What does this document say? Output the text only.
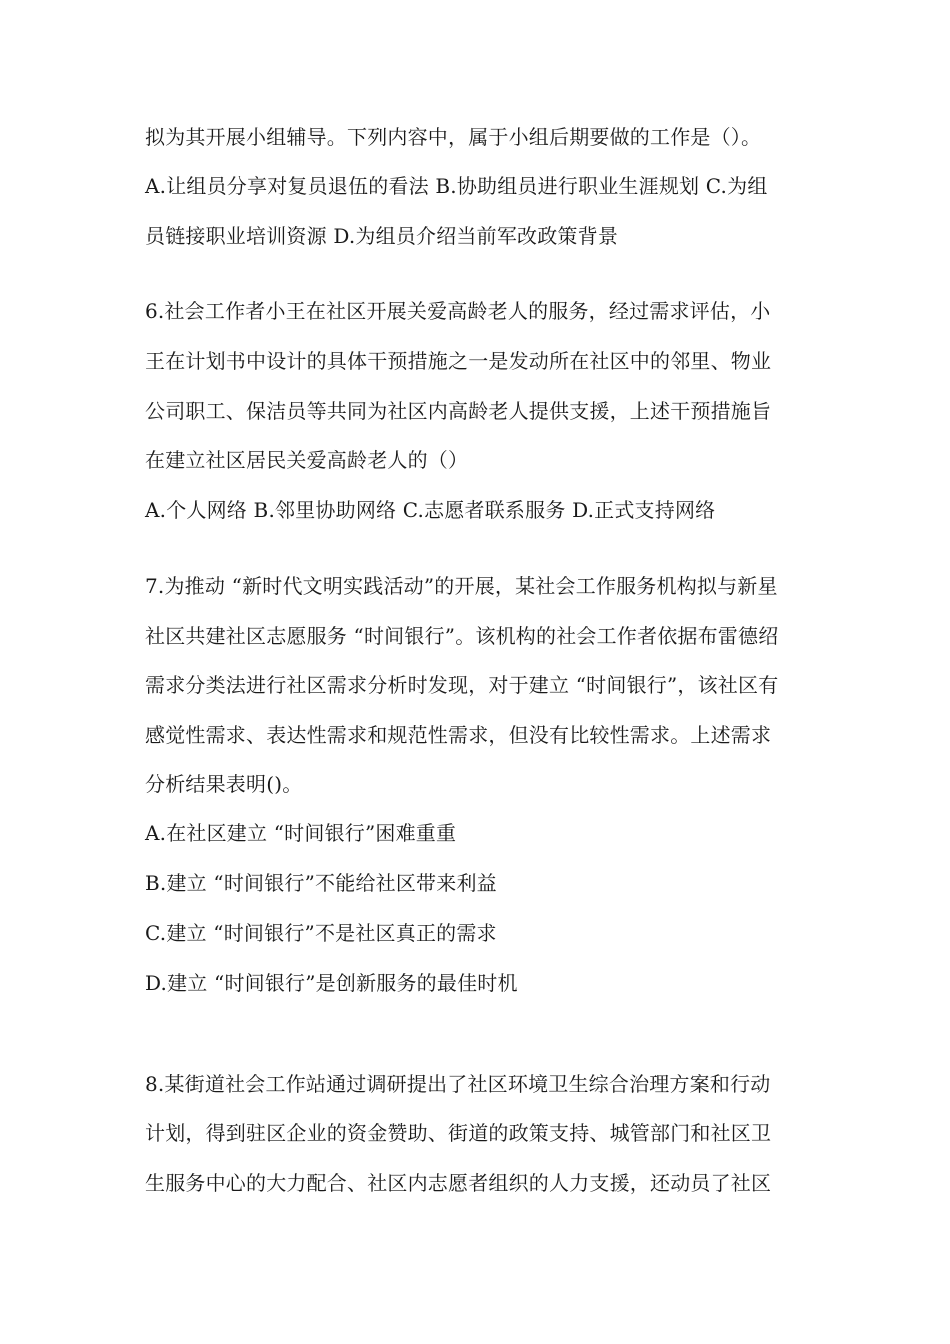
拟为其开展小组辅导。下列内容中，属于小组后期要做的工作是（）。
A.让组员分享对复员退伍的看法 B.协助组员进行职业生涯规划 C.为组
员链接职业培训资源 D.为组员介绍当前军改政策背景
6.社会工作者小王在社区开展关爱高龄老人的服务，经过需求评估，小
王在计划书中设计的具体干预措施之一是发动所在社区中的邻里、物业
公司职工、保洁员等共同为社区内高龄老人提供支援，上述干预措施旨
在建立社区居民关爱高龄老人的（）
A.个人网络 B.邻里协助网络 C.志愿者联系服务 D.正式支持网络
7.为推动 “新时代文明实践活动”的开展，某社会工作服务机构拟与新星
社区共建社区志愿服务 “时间银行”。该机构的社会工作者依据布雷德绍
需求分类法进行社区需求分析时发现，对于建立 “时间银行”，该社区有
感觉性需求、表达性需求和规范性需求，但没有比较性需求。上述需求
分析结果表明()。
A.在社区建立 “时间银行”困难重重
B.建立 “时间银行”不能给社区带来利益
C.建立 “时间银行”不是社区真正的需求
D.建立 “时间银行”是创新服务的最佳时机
8.某街道社会工作站通过调研提出了社区环境卫生综合治理方案和行动
计划，得到驻区企业的资金赞助、街道的政策支持、城管部门和社区卫
生服务中心的大力配合、社区内志愿者组织的人力支援，还动员了社区
